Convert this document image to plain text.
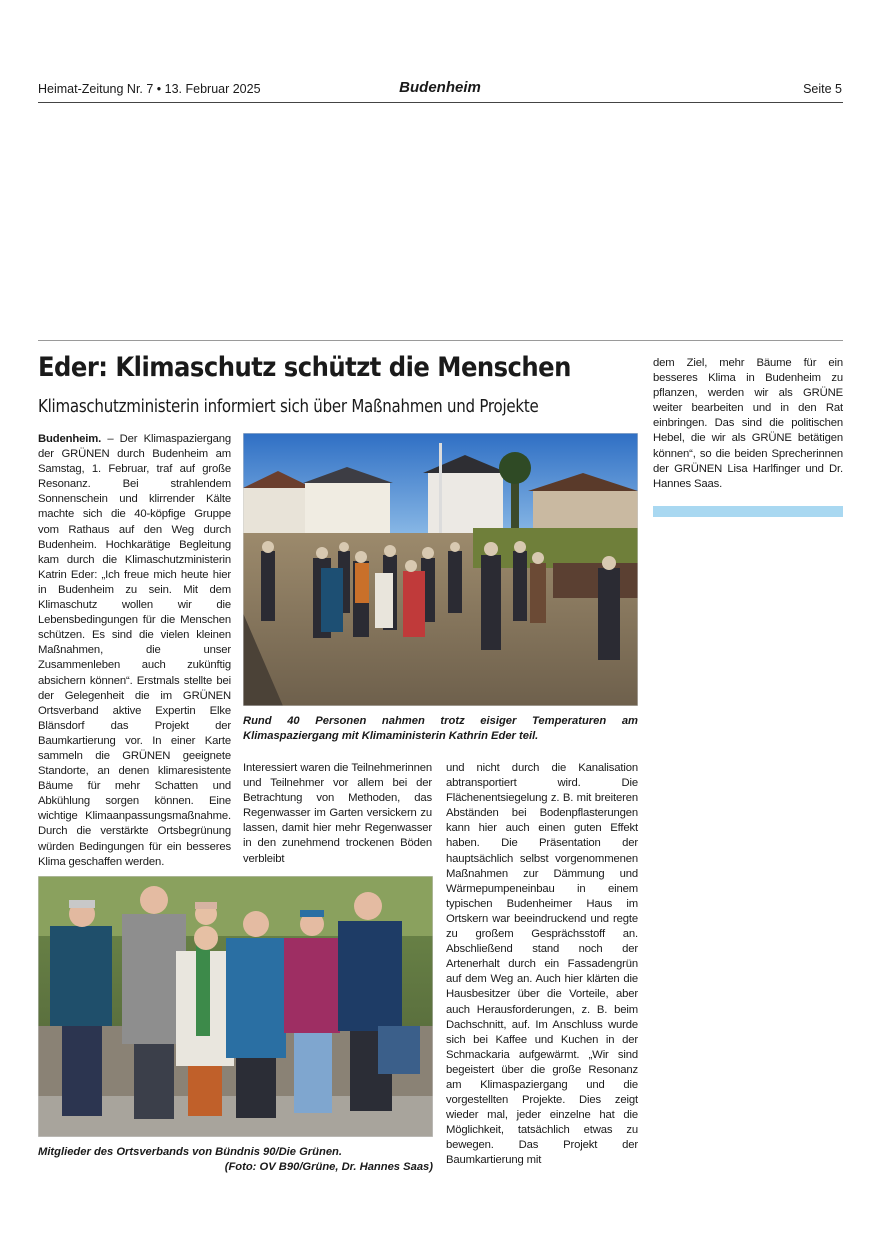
Heimat-Zeitung Nr. 7 • 13. Februar 2025	Budenheim	Seite 5
Eder: Klimaschutz schützt die Menschen
Klimaschutzministerin informiert sich über Maßnahmen und Projekte
Budenheim. – Der Klimaspaziergang der GRÜNEN durch Budenheim am Samstag, 1. Februar, traf auf große Resonanz. Bei strahlendem Sonnenschein und klirrender Kälte machte sich die 40-köpfige Gruppe vom Rathaus auf den Weg durch Budenheim. Hochkarätige Begleitung kam durch die Klimaschutzministerin Katrin Eder: „Ich freue mich heute hier in Budenheim zu sein. Mit dem Klimaschutz wollen wir die Lebensbedingungen für die Menschen schützen. Es sind die vielen kleinen Maßnahmen, die unser Zusammenleben auch zukünftig absichern können“. Erstmals stellte bei der Gelegenheit die im GRÜNEN Ortsverband aktive Expertin Elke Blänsdorf das Projekt der Baumkartierung vor. In einer Karte sammeln die GRÜNEN geeignete Standorte, an denen klimaresistente Bäume für mehr Schatten und Abkühlung sorgen können. Eine wichtige Klimaanpassungsmaßnahme. Durch die verstärkte Ortsbegrünung würden Bedingungen für ein besseres Klima geschaffen werden.
Rund 40 Personen nahmen trotz eisiger Temperaturen am Klimaspaziergang mit Klimaministerin Kathrin Eder teil.
Interessiert waren die Teilnehmerinnen und Teilnehmer vor allem bei der Betrachtung von Methoden, das Regenwasser im Garten versickern zu lassen, damit hier mehr Regenwasser in den zunehmend trockenen Böden verbleibt
und nicht durch die Kanalisation abtransportiert wird. Die Flächenentsiegelung z. B. mit breiteren Abständen bei Bodenpflasterungen kann hier auch einen guten Effekt haben. Die Präsentation der hauptsächlich selbst vorgenommenen Maßnahmen zur Dämmung und Wärmepumpeneinbau in einem typischen Budenheimer Haus im Ortskern war beeindruckend und regte zu großem Gesprächsstoff an. Abschließend stand noch der Artenerhalt durch ein Fassadengrün auf dem Weg an. Auch hier klärten die Hausbesitzer über die Vorteile, aber auch Herausforderungen, z. B. beim Dachschnitt, auf. Im Anschluss wurde sich bei Kaffee und Kuchen in der Schmackaria aufgewärmt. „Wir sind begeistert über die große Resonanz am Klimaspaziergang und die vorgestellten Projekte. Dies zeigt wieder mal, jeder einzelne hat die Möglichkeit, tatsächlich etwas zu bewegen. Das Projekt der Baumkartierung mit
dem Ziel, mehr Bäume für ein besseres Klima in Budenheim zu pflanzen, werden wir als GRÜNE weiter bearbeiten und in den Rat einbringen. Das sind die politischen Hebel, die wir als GRÜNE betätigen können“, so die beiden Sprecherinnen der GRÜNEN Lisa Harlfinger und Dr. Hannes Saas.
Mitglieder des Ortsverbands von Bündnis 90/Die Grünen.
(Foto: OV B90/Grüne, Dr. Hannes Saas)
